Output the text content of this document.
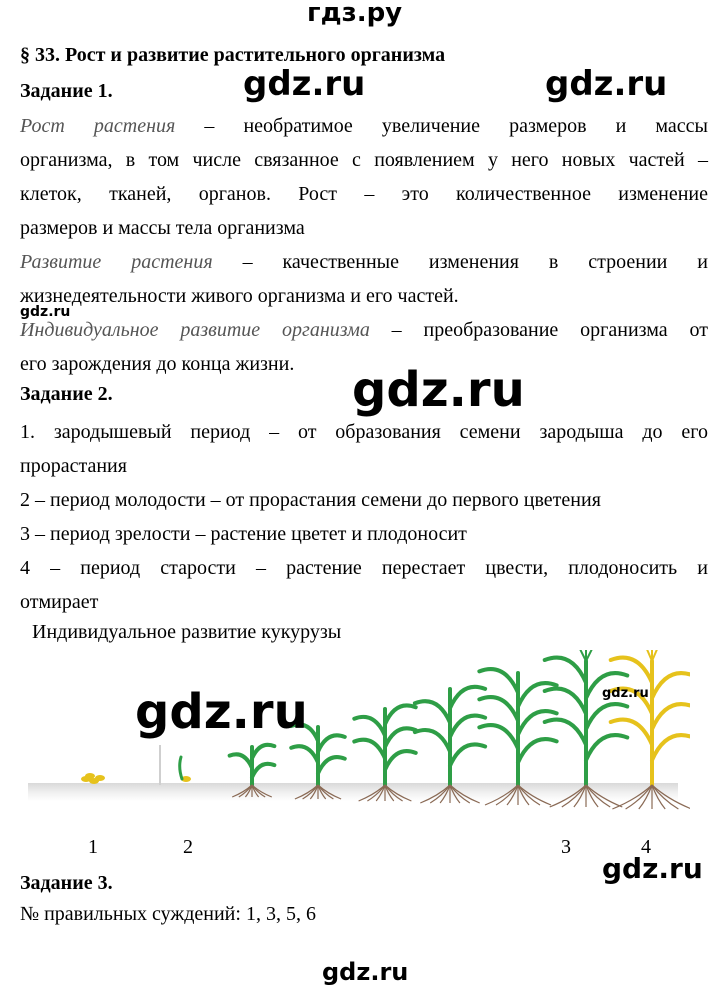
гдз.ру
§ 33. Рост и развитие растительного организма
gdz.ru	gdz.ru
Задание 1.
Рост растения – необратимое увеличение размеров и массы
организма, в том числе связанное с появлением у него новых частей –
клеток, тканей, органов. Рост – это количественное изменение
размеров и массы тела организма
Развитие растения – качественные изменения в строении и
жизнедеятельности живого организма и его частей.
gdz.ru
Индивидуальное развитие организма – преобразование организма от
его зарождения до конца жизни.
Задание 2.	gdz.ru
1. зародышевый период – от образования семени зародыша до его
прорастания
2 – период молодости – от прорастания семени до первого цветения
3 – период зрелости – растение цветет и плодоносит
4 – период старости – растение перестает цвести, плодоносить и
отмирает
Индивидуальное развитие кукурузы
gdz.ru	gdz.ru
1	2	3	4
Задание 3.	gdz.ru
№ правильных суждений: 1, 3, 5, 6
gdz.ru
